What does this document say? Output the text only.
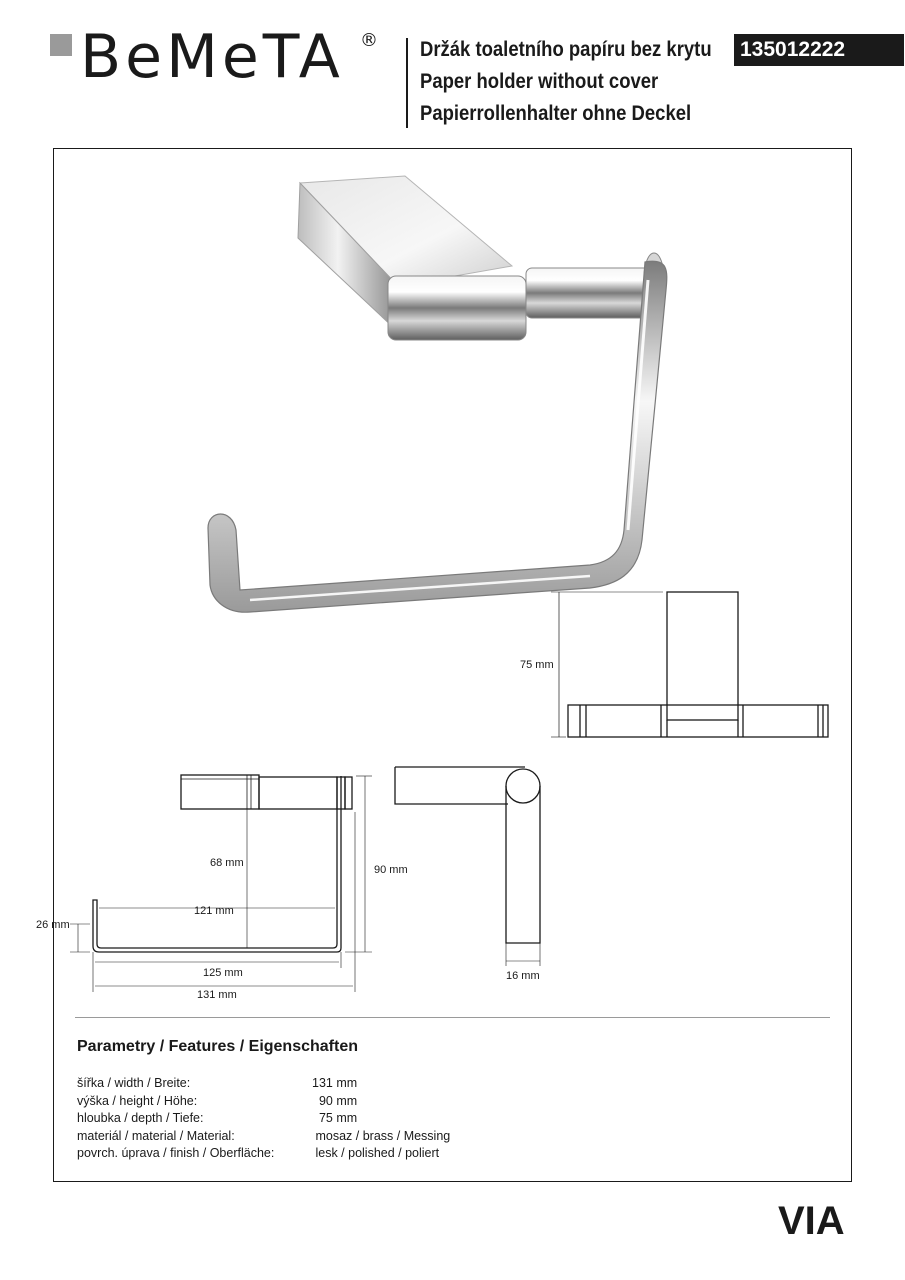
BeMeTA ® Držák toaletního papíru bez krytu
Paper holder without cover
Papierrollenhalter ohne Deckel
135012222
75 mm
68 mm
90 mm
121 mm
26 mm
125 mm
131 mm
16 mm
Parametry / Features / Eigenschaften
šířka / width / Breite:	131 mm
výška / height / Höhe:	90 mm
hloubka / depth / Tiefe:	75 mm
materiál / material / Material:	mosaz / brass / Messing
povrch. úprava / finish / Oberfläche:	lesk / polished / poliert
VIA
